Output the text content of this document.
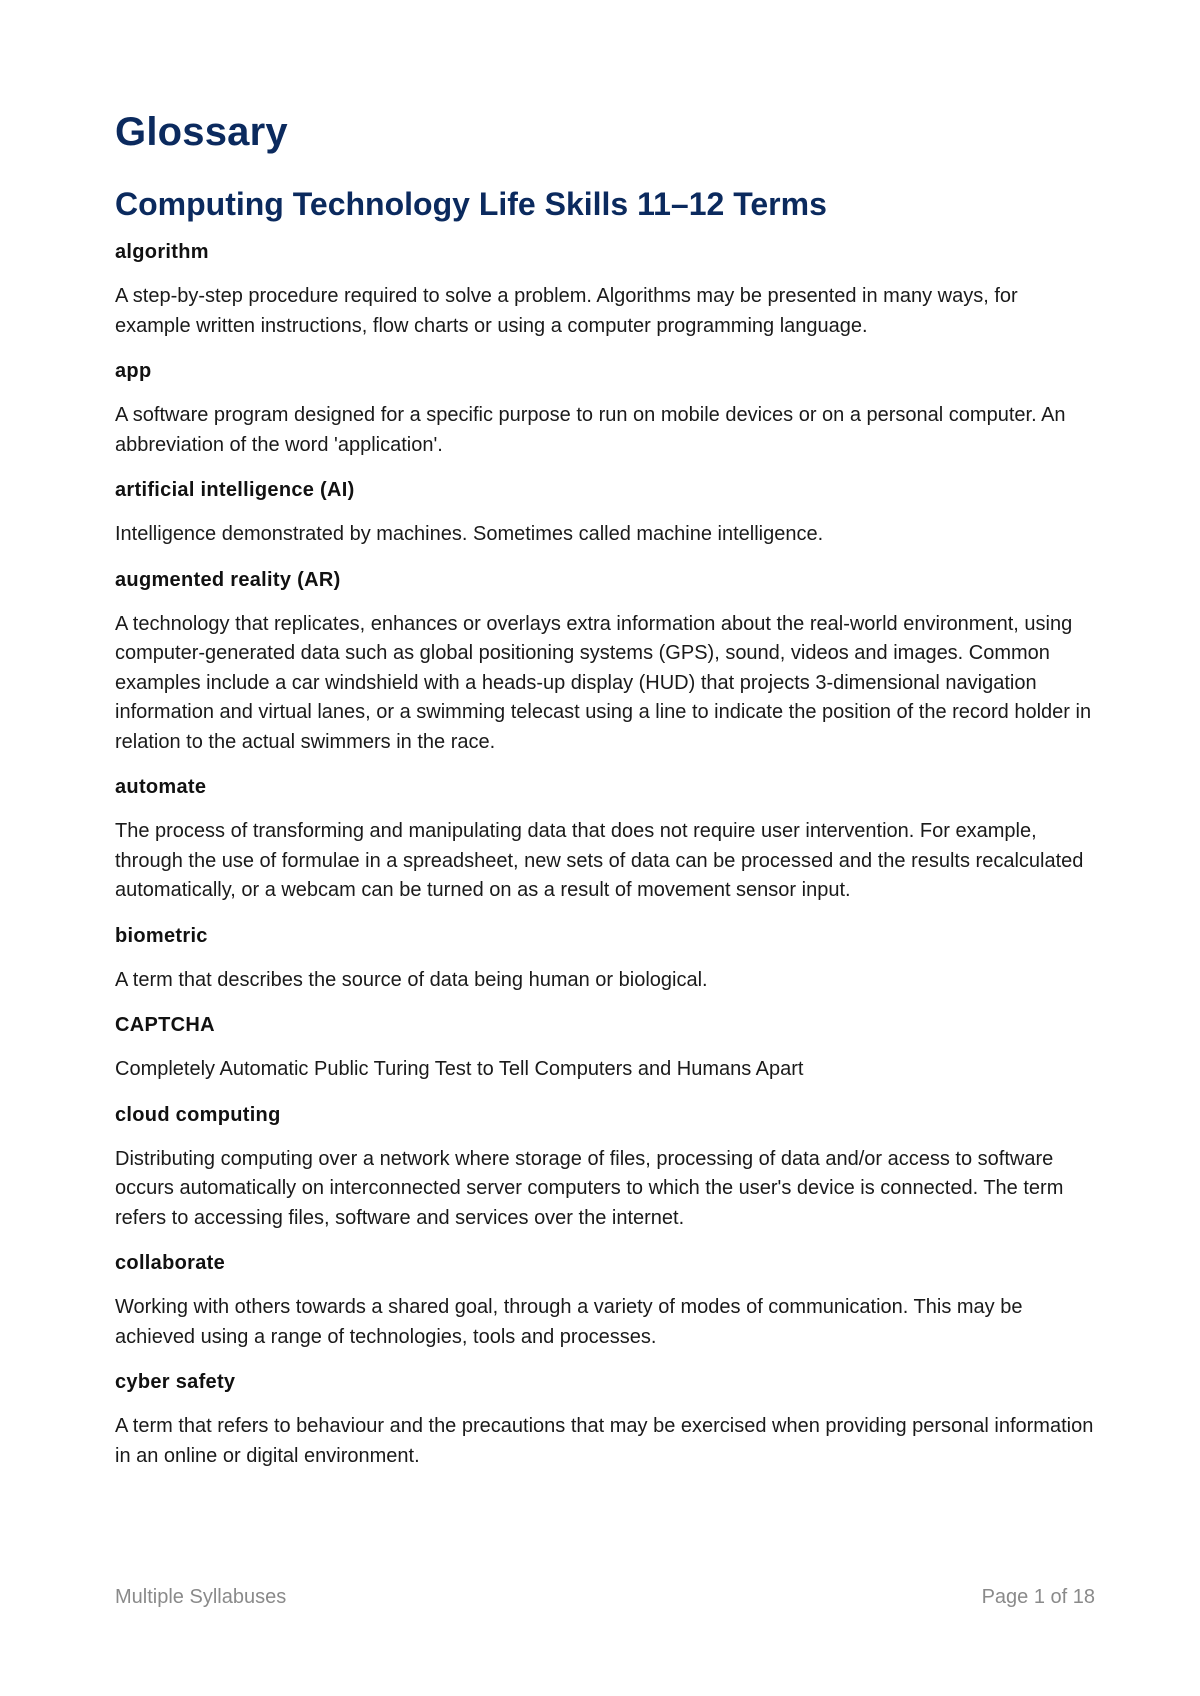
Glossary
Computing Technology Life Skills 11–12 Terms

algorithm

A step-by-step procedure required to solve a problem. Algorithms may be presented in many ways, for example written instructions, flow charts or using a computer programming language.

app

A software program designed for a specific purpose to run on mobile devices or on a personal computer. An abbreviation of the word 'application'.

artificial intelligence (AI)

Intelligence demonstrated by machines. Sometimes called machine intelligence.

augmented reality (AR)

A technology that replicates, enhances or overlays extra information about the real-world environment, using computer-generated data such as global positioning systems (GPS), sound, videos and images. Common examples include a car windshield with a heads-up display (HUD) that projects 3-dimensional navigation information and virtual lanes, or a swimming telecast using a line to indicate the position of the record holder in relation to the actual swimmers in the race.

automate

The process of transforming and manipulating data that does not require user intervention. For example, through the use of formulae in a spreadsheet, new sets of data can be processed and the results recalculated automatically, or a webcam can be turned on as a result of movement sensor input.

biometric

A term that describes the source of data being human or biological.

CAPTCHA

Completely Automatic Public Turing Test to Tell Computers and Humans Apart

cloud computing

Distributing computing over a network where storage of files, processing of data and/or access to software occurs automatically on interconnected server computers to which the user's device is connected. The term refers to accessing files, software and services over the internet.

collaborate

Working with others towards a shared goal, through a variety of modes of communication. This may be achieved using a range of technologies, tools and processes.

cyber safety

A term that refers to behaviour and the precautions that may be exercised when providing personal information in an online or digital environment.

Multiple Syllabuses	Page 1 of 18
